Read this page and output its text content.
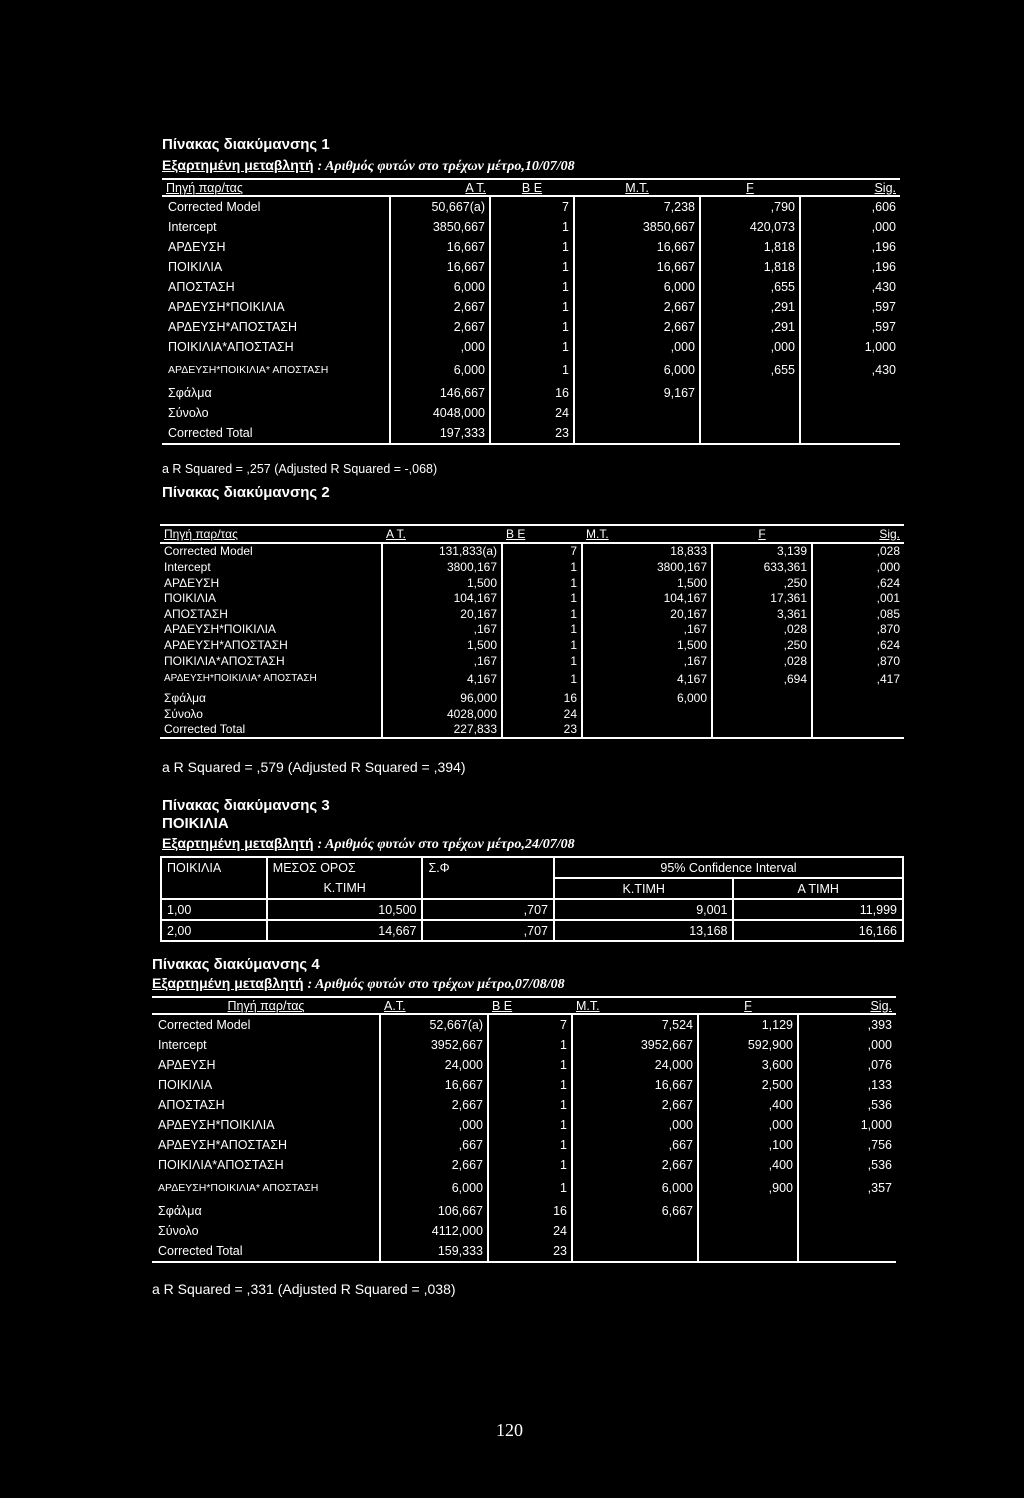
Πίνακας διακύμανσης 1
Εξαρτημένη μεταβλητή : Αριθμός φυτών στο τρέχων μέτρο,10/07/08
Πηγή παρ/τας	Α Τ.	Β Ε	Μ.Τ.	F	Sig.
Corrected Model	50,667(a)	7	7,238	,790	,606
Intercept	3850,667	1	3850,667	420,073	,000
ΑΡΔΕΥΣΗ	16,667	1	16,667	1,818	,196
ΠΟΙΚΙΛΙΑ	16,667	1	16,667	1,818	,196
ΑΠΟΣΤΑΣΗ	6,000	1	6,000	,655	,430
ΑΡΔΕΥΣΗ*ΠΟΙΚΙΛΙΑ	2,667	1	2,667	,291	,597
ΑΡΔΕΥΣΗ*ΑΠΟΣΤΑΣΗ	2,667	1	2,667	,291	,597
ΠΟΙΚΙΛΙΑ*ΑΠΟΣΤΑΣΗ	,000	1	,000	,000	1,000
ΑΡΔΕΥΣΗ*ΠΟΙΚΙΛΙΑ* ΑΠΟΣΤΑΣΗ	6,000	1	6,000	,655	,430
Σφάλμα	146,667	16	9,167		
Σύνολο	4048,000	24			
Corrected Total	197,333	23			
a R Squared = ,257 (Adjusted R Squared = -,068)
Πίνακας διακύμανσης 2
Πηγή παρ/τας	Α Τ.	Β Ε	Μ.Τ.	F	Sig.
Corrected Model	131,833(a)	7	18,833	3,139	,028
Intercept	3800,167	1	3800,167	633,361	,000
ΑΡΔΕΥΣΗ	1,500	1	1,500	,250	,624
ΠΟΙΚΙΛΙΑ	104,167	1	104,167	17,361	,001
ΑΠΟΣΤΑΣΗ	20,167	1	20,167	3,361	,085
ΑΡΔΕΥΣΗ*ΠΟΙΚΙΛΙΑ	,167	1	,167	,028	,870
ΑΡΔΕΥΣΗ*ΑΠΟΣΤΑΣΗ	1,500	1	1,500	,250	,624
ΠΟΙΚΙΛΙΑ*ΑΠΟΣΤΑΣΗ	,167	1	,167	,028	,870
ΑΡΔΕΥΣΗ*ΠΟΙΚΙΛΙΑ* ΑΠΟΣΤΑΣΗ	4,167	1	4,167	,694	,417
Σφάλμα	96,000	16	6,000		
Σύνολο	4028,000	24			
Corrected Total	227,833	23			
a R Squared = ,579 (Adjusted R Squared = ,394)
Πίνακας διακύμανσης 3
ΠΟΙΚΙΛΙΑ
Εξαρτημένη μεταβλητή : Αριθμός φυτών στο τρέχων μέτρο,24/07/08
ΠΟΙΚΙΛΙΑ	ΜΕΣΟΣ ΟΡΟΣ	Σ.Φ	95% Confidence Interval	
	Κ.ΤΙΜΗ		Κ.ΤΙΜΗ	Α ΤΙΜΗ
1,00	10,500	,707	9,001	11,999
2,00	14,667	,707	13,168	16,166
Πίνακας διακύμανσης 4
Εξαρτημένη μεταβλητή : Αριθμός φυτών στο τρέχων μέτρο,07/08/08
Πηγή παρ/τας	Α.Τ.	Β Ε	Μ.Τ.	F	Sig.
Corrected Model	52,667(a)	7	7,524	1,129	,393
Intercept	3952,667	1	3952,667	592,900	,000
ΑΡΔΕΥΣΗ	24,000	1	24,000	3,600	,076
ΠΟΙΚΙΛΙΑ	16,667	1	16,667	2,500	,133
ΑΠΟΣΤΑΣΗ	2,667	1	2,667	,400	,536
ΑΡΔΕΥΣΗ*ΠΟΙΚΙΛΙΑ	,000	1	,000	,000	1,000
ΑΡΔΕΥΣΗ*ΑΠΟΣΤΑΣΗ	,667	1	,667	,100	,756
ΠΟΙΚΙΛΙΑ*ΑΠΟΣΤΑΣΗ	2,667	1	2,667	,400	,536
ΑΡΔΕΥΣΗ*ΠΟΙΚΙΛΙΑ* ΑΠΟΣΤΑΣΗ	6,000	1	6,000	,900	,357
Σφάλμα	106,667	16	6,667		
Σύνολο	4112,000	24			
Corrected Total	159,333	23			
a R Squared = ,331 (Adjusted R Squared = ,038)
120
